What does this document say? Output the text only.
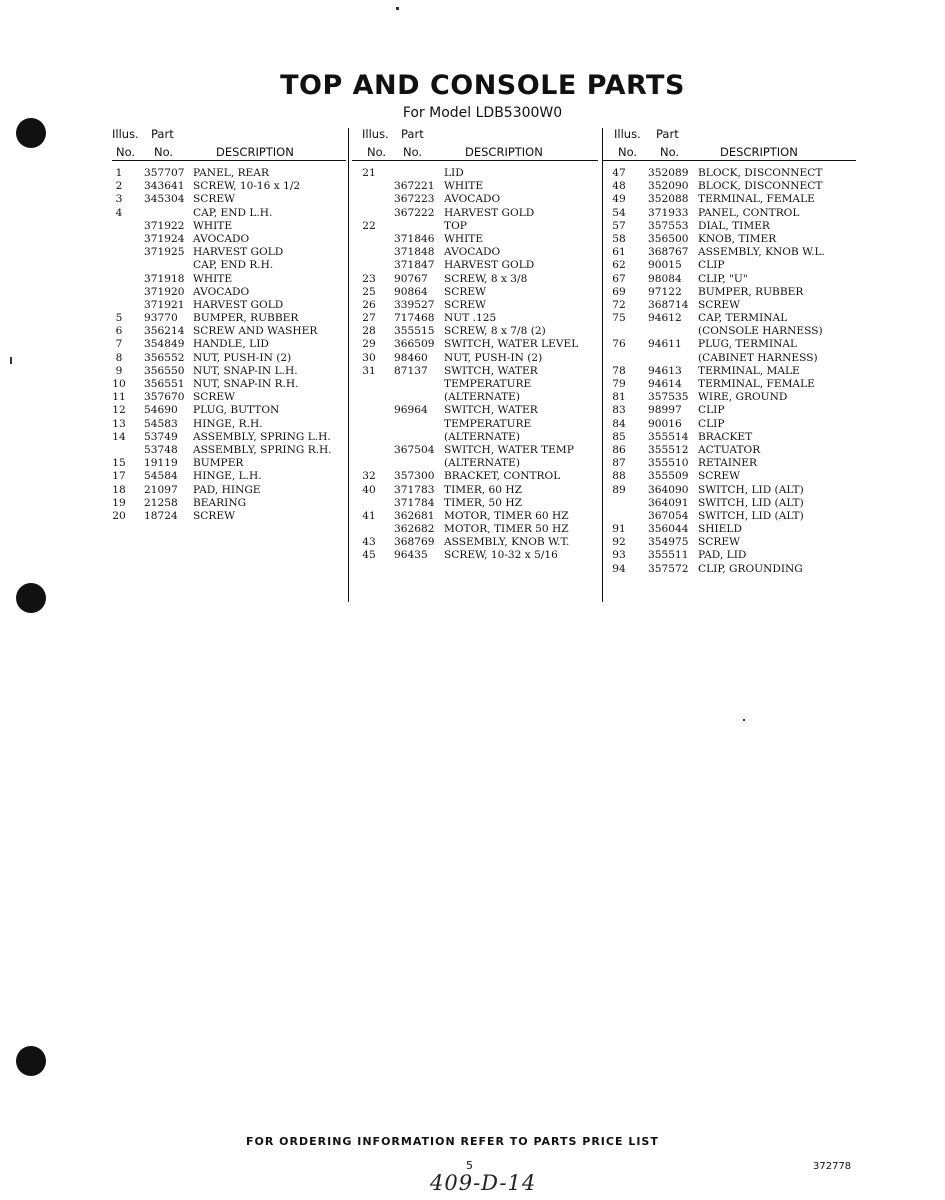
TOP AND CONSOLE PARTS
For Model LDB5300W0
Illus. Part
No. No.	DESCRIPTION
1	357707 PANEL, REAR
2	343641 SCREW, 10-16 x 1/2
3	345304 SCREW
4	CAP, END L.H.
371922 WHITE
371924 AVOCADO
371925 HARVEST GOLD
CAP, END R.H.
371918 WHITE
371920 AVOCADO
371921 HARVEST GOLD
5	93770 BUMPER, RUBBER
6	356214 SCREW AND WASHER
7	354849 HANDLE, LID
8	356552 NUT, PUSH-IN (2)
9	356550 NUT, SNAP-IN L.H.
10	356551 NUT, SNAP-IN R.H.
11	357670 SCREW
12	54690 PLUG, BUTTON
13	54583 HINGE, R.H.
14	53749 ASSEMBLY, SPRING L.H.
53748 ASSEMBLY, SPRING R.H.
15	19119 BUMPER
17	54584 HINGE, L.H.
18	21097 PAD, HINGE
19	21258 BEARING
20	18724 SCREW
Illus. Part
No. No.	DESCRIPTION
21	LID
367221 WHITE
367223 AVOCADO
367222 HARVEST GOLD
22	TOP
371846 WHITE
371848 AVOCADO
371847 HARVEST GOLD
23	90767 SCREW, 8 x 3/8
25	90864 SCREW
26	339527 SCREW
27	717468 NUT .125
28	355515 SCREW, 8 x 7/8 (2)
29	366509 SWITCH, WATER LEVEL
30	98460 NUT, PUSH-IN (2)
31	87137 SWITCH, WATER
TEMPERATURE
(ALTERNATE)
96964 SWITCH, WATER
TEMPERATURE
(ALTERNATE)
367504 SWITCH, WATER TEMP
(ALTERNATE)
32	357300 BRACKET, CONTROL
40	371783 TIMER, 60 HZ
371784 TIMER, 50 HZ
41	362681 MOTOR, TIMER 60 HZ
362682 MOTOR, TIMER 50 HZ
43	368769 ASSEMBLY, KNOB W.T.
45	96435 SCREW, 10-32 x 5/16
Illus. Part
No. No.	DESCRIPTION
47	352089 BLOCK, DISCONNECT
48	352090 BLOCK, DISCONNECT
49	352088 TERMINAL, FEMALE
54	371933 PANEL, CONTROL
57	357553 DIAL, TIMER
58	356500 KNOB, TIMER
61	368767 ASSEMBLY, KNOB W.L.
62	90015 CLIP
67	98084 CLIP, "U"
69	97122 BUMPER, RUBBER
72	368714 SCREW
75	94612 CAP, TERMINAL
(CONSOLE HARNESS)
76	94611 PLUG, TERMINAL
(CABINET HARNESS)
78	94613 TERMINAL, MALE
79	94614 TERMINAL, FEMALE
81	357535 WIRE, GROUND
83	98997 CLIP
84	90016 CLIP
85	355514 BRACKET
86	355512 ACTUATOR
87	355510 RETAINER
88	355509 SCREW
89	364090 SWITCH, LID (ALT)
364091 SWITCH, LID (ALT)
367054 SWITCH, LID (ALT)
91	356044 SHIELD
92	354975 SCREW
93	355511 PAD, LID
94	357572 CLIP, GROUNDING
FOR ORDERING INFORMATION REFER TO PARTS PRICE LIST
5
409-D-14
372778
